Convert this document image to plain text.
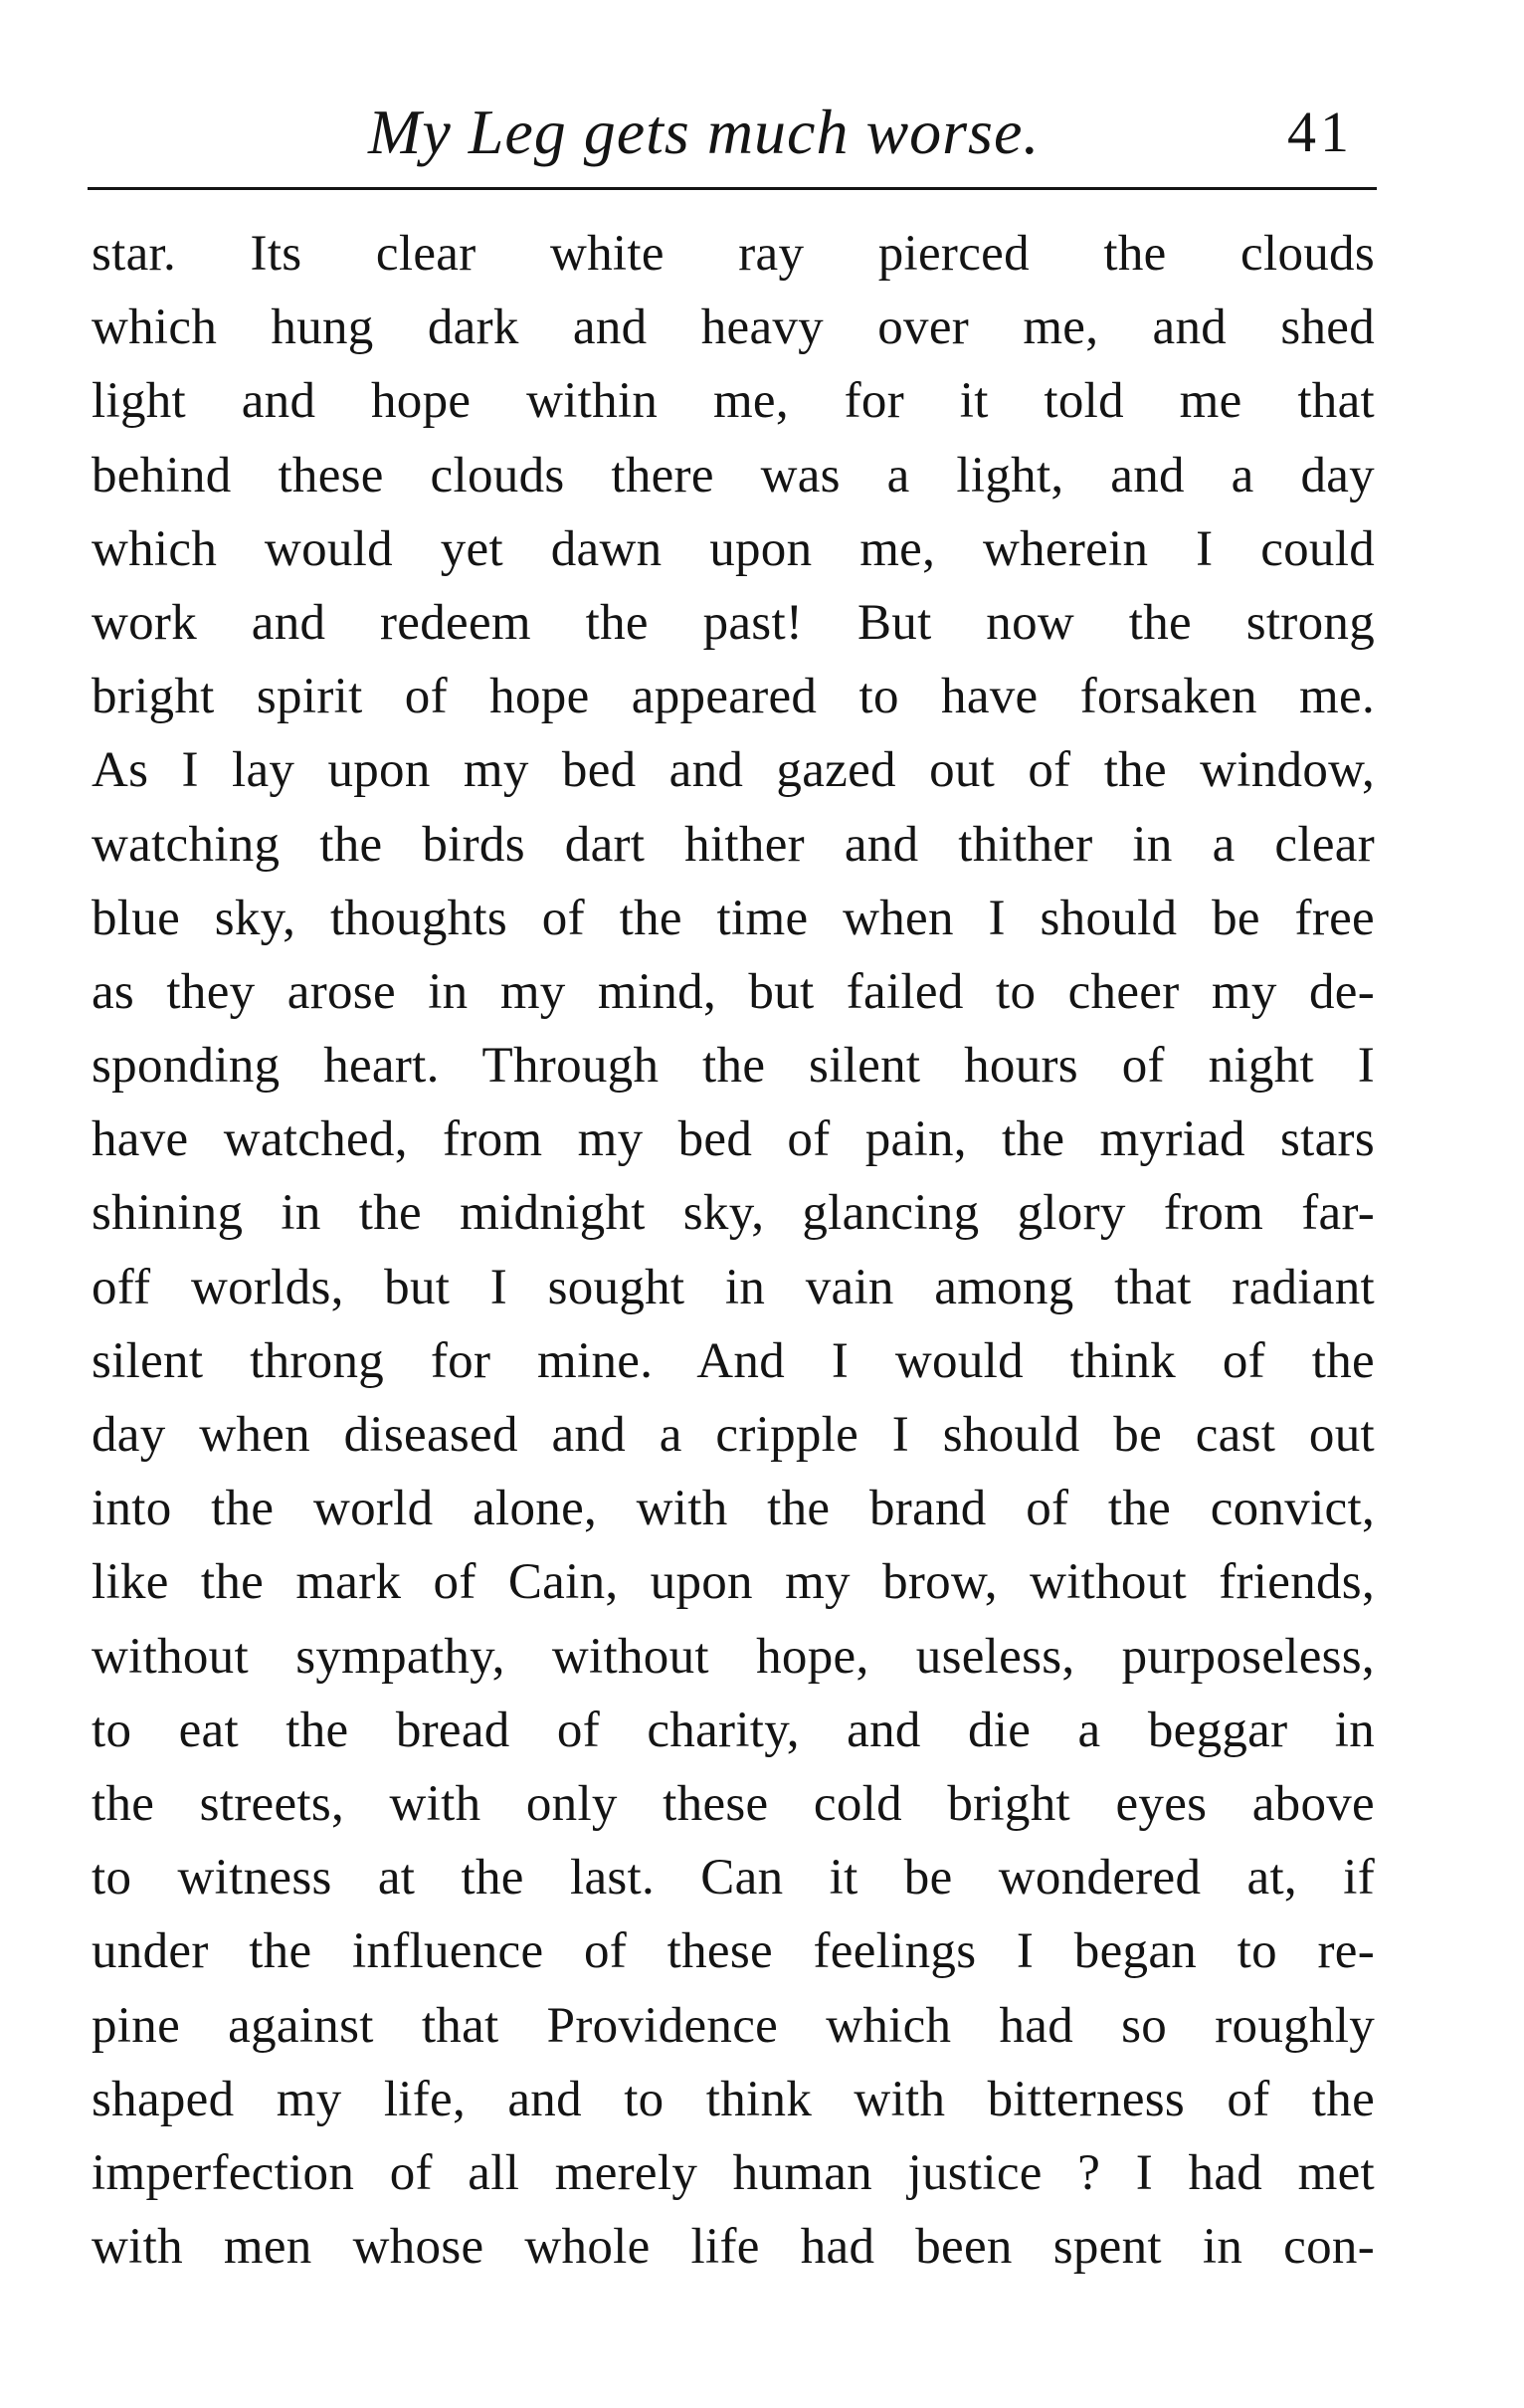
My Leg gets much worse.	41
star. Its clear white ray pierced the clouds
which hung dark and heavy over me, and shed
light and hope within me, for it told me that
behind these clouds there was a light, and a day
which would yet dawn upon me, wherein I could
work and redeem the past! But now the strong
bright spirit of hope appeared to have forsaken me.
As I lay upon my bed and gazed out of the window,
watching the birds dart hither and thither in a clear
blue sky, thoughts of the time when I should be free
as they arose in my mind, but failed to cheer my de-
sponding heart. Through the silent hours of night I
have watched, from my bed of pain, the myriad stars
shining in the midnight sky, glancing glory from far-
off worlds, but I sought in vain among that radiant
silent throng for mine. And I would think of the
day when diseased and a cripple I should be cast out
into the world alone, with the brand of the convict,
like the mark of Cain, upon my brow, without friends,
without sympathy, without hope, useless, purposeless,
to eat the bread of charity, and die a beggar in
the streets, with only these cold bright eyes above
to witness at the last. Can it be wondered at, if
under the influence of these feelings I began to re-
pine against that Providence which had so roughly
shaped my life, and to think with bitterness of the
imperfection of all merely human justice ? I had met
with men whose whole life had been spent in con-
